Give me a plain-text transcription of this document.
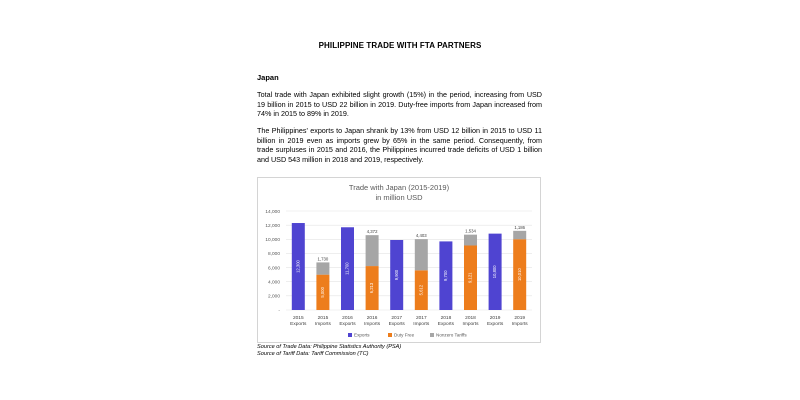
PHILIPPINE TRADE WITH FTA PARTNERS
Japan

Total trade with Japan exhibited slight growth (15%) in the period, increasing from USD 19 billion in 2015 to USD 22 billion in 2019. Duty-free imports from Japan increased from 74% in 2015 to 89% in 2019.

The Philippines' exports to Japan shrank by 13% from USD 12 billion in 2015 to USD 11 billion in 2019 even as imports grew by 65% in the same period. Consequently, from trade surpluses in 2015 and 2016, the Philippines incurred trade deficits of USD 1 billion and USD 543 million in 2018 and 2019, respectively.

Trade with Japan (2015-2019)
in million USD
14,000
12,000
10,000
8,000
6,000
4,000
2,000
-
12,300
2015
Exports
5,000
1,730
2015
Imports
11,700
2016
Exports
6,213
4,372
2016
Imports
9,900
2017
Exports
5,612
4,403
2017
Imports
9,700
2018
Exports
9,121
1,534
2018
Imports
10,800
2019
Exports
10,010
1,186
2019
Imports
Exports	Duty Free	Nonzero Tariffs
Source of Trade Data: Philippine Statistics Authority (PSA)
Source of Tariff Data: Tariff Commission (TC)
